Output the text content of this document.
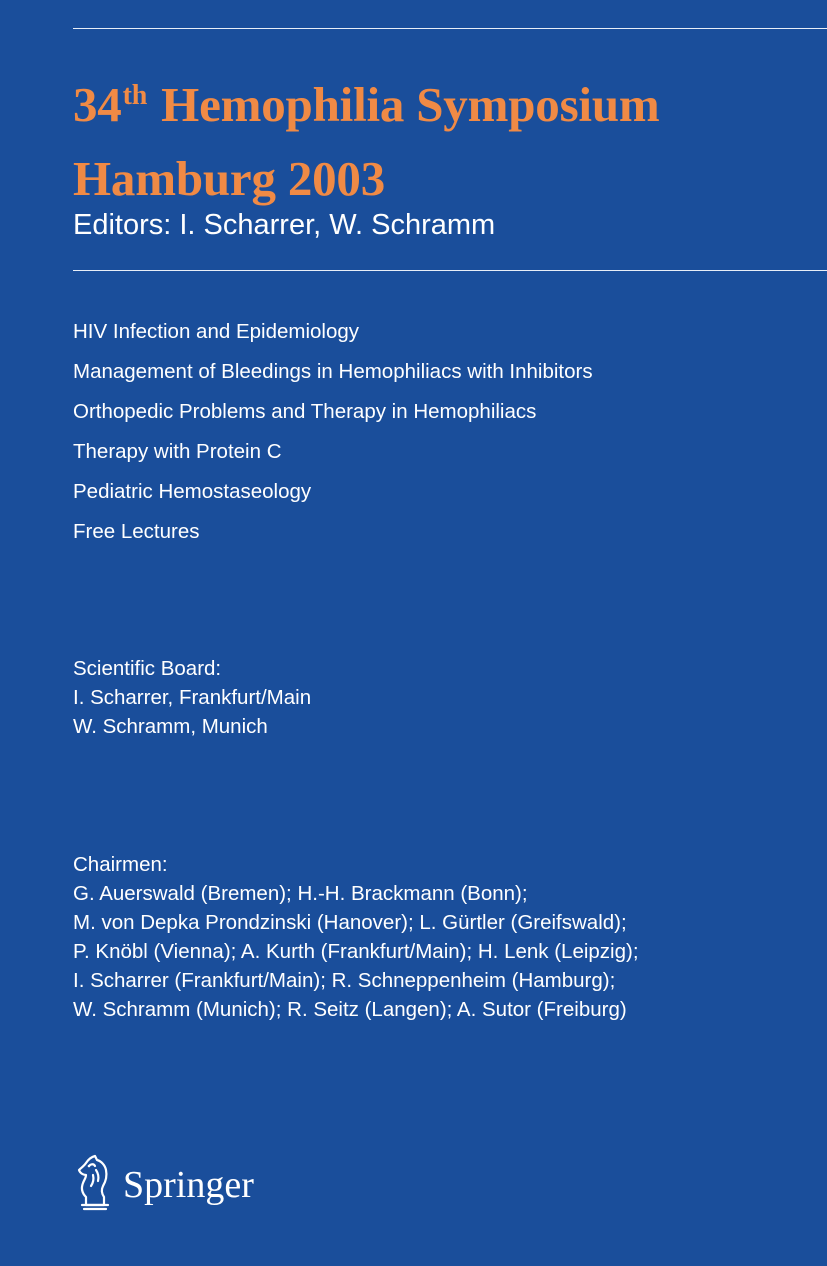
34th Hemophilia Symposium
Hamburg 2003

Editors: I. Scharrer, W. Schramm

HIV Infection and Epidemiology
Management of Bleedings in Hemophiliacs with Inhibitors
Orthopedic Problems and Therapy in Hemophiliacs
Therapy with Protein C
Pediatric Hemostaseology
Free Lectures
Scientific Board:
I. Scharrer, Frankfurt/Main
W. Schramm, Munich
Chairmen:
G. Auerswald (Bremen); H.-H. Brackmann (Bonn);
M. von Depka Prondzinski (Hanover); L. Gürtler (Greifswald);
P. Knöbl (Vienna); A. Kurth (Frankfurt/Main); H. Lenk (Leipzig);
I. Scharrer (Frankfurt/Main); R. Schneppenheim (Hamburg);
W. Schramm (Munich); R. Seitz (Langen); A. Sutor (Freiburg)
Springer
